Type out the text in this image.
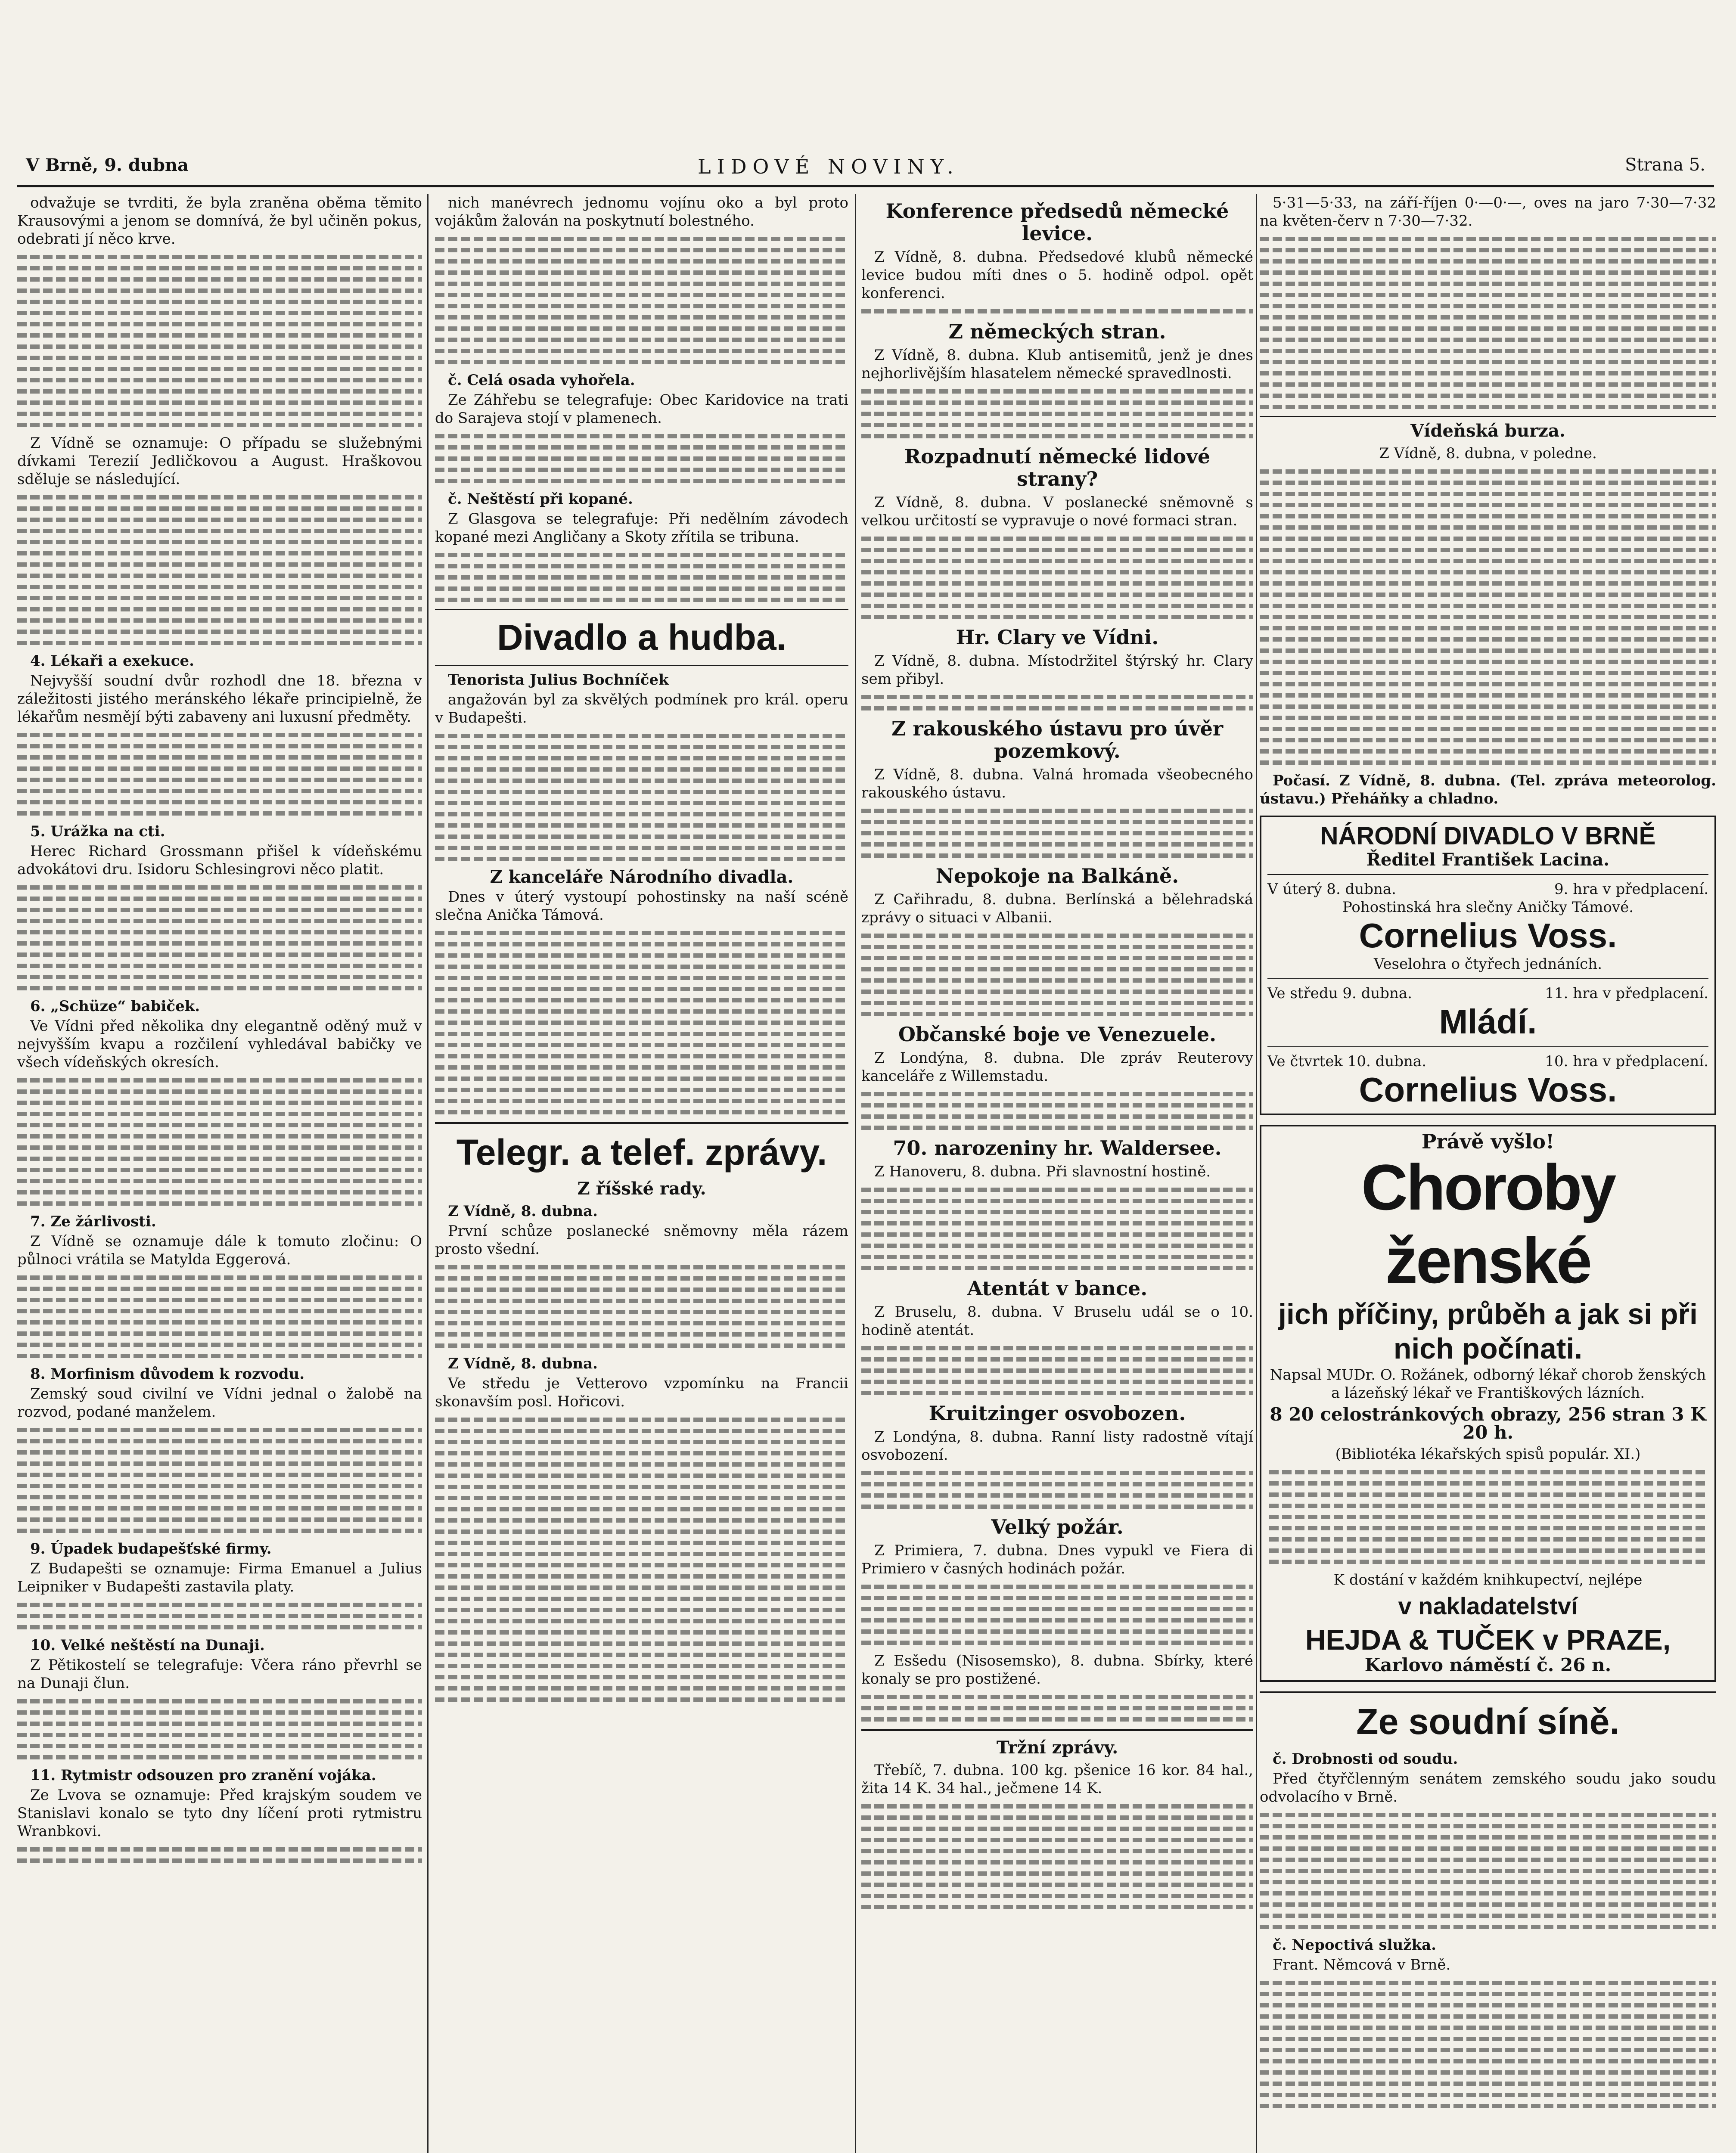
V Brně, 9. dubna	LIDOVÉ NOVINY.	Strana 5.

odvažuje se tvrditi, že byla zraněna oběma těmito Krausovými a jenom se domnívá, že byl učiněn pokus, odebrati jí něco krve.

Z Vídně se oznamuje: O případu se služebnými dívkami Terezií Jedličkovou a August. Hraškovou sděluje se následující.

4. Lékaři a exekuce.

Nejvyšší soudní dvůr rozhodl dne 18. března v záležitosti jistého meránského lékaře principielně, že lékařům nesmějí býti zabaveny ani luxusní předměty.

5. Urážka na cti.

Herec Richard Grossmann přišel k vídeňskému advokátovi dru. Isidoru Schlesingrovi něco platit.

6. „Schüze“ babiček.

Ve Vídni před několika dny elegantně oděný muž v nejvyšším kvapu a rozčilení vyhledával babičky ve všech vídeňských okresích.

7. Ze žárlivosti.

Z Vídně se oznamuje dále k tomuto zločinu: O půlnoci vrátila se Matylda Eggerová.

8. Morfinism důvodem k rozvodu.

Zemský soud civilní ve Vídni jednal o žalobě na rozvod, podané manželem.

9. Úpadek budapešťské firmy.

Z Budapešti se oznamuje: Firma Emanuel a Julius Leipniker v Budapešti zastavila platy.

10. Velké neštěstí na Dunaji.

Z Pětikostelí se telegrafuje: Včera ráno převrhl se na Dunaji člun.

11. Rytmistr odsouzen pro zranění vojáka.

Ze Lvova se oznamuje: Před krajským soudem ve Stanislavi konalo se tyto dny líčení proti rytmistru Wranbkovi.

nich manévrech jednomu vojínu oko a byl proto vojákům žalován na poskytnutí bolestného.

č. Celá osada vyhořela.

Ze Záhřebu se telegrafuje: Obec Karidovice na trati do Sarajeva stojí v plamenech.

č. Neštěstí při kopané.

Z Glasgova se telegrafuje: Při nedělním závodech kopané mezi Angličany a Skoty zřítila se tribuna.

Divadlo a hudba.

Tenoristа Julius Bochníček

angažován byl za skvělých podmínek pro král. operu v Budapešti.

Z kanceláře Národního divadla.

Dnes v úterý vystoupí pohostinsky na naší scéně slečna Anička Támová.

Telegr. a telef. zprávy.
Z říšské rady.

Z Vídně, 8. dubna.

První schůze poslanecké sněmovny měla rázem prosto všední.

Z Vídně, 8. dubna.

Ve středu je Vetterovo vzpomínku na Francii skonavším posl. Hořicovi.

Konference předsedů německé levice.

Z Vídně, 8. dubna. Předsedové klubů německé levice budou míti dnes o 5. hodině odpol. opět konferenci.

Z německých stran.

Z Vídně, 8. dubna. Klub antisemitů, jenž je dnes nejhorlivějším hlasatelem německé spravedlnosti.

Rozpadnutí německé lidové strany?

Z Vídně, 8. dubna. V poslanecké sněmovně s velkou určitostí se vypravuje o nové formaci stran.

Hr. Clary ve Vídni.

Z Vídně, 8. dubna. Místodržitel štýrský hr. Clary sem přibyl.

Z rakouského ústavu pro úvěr pozemkový.

Z Vídně, 8. dubna. Valná hromada všeobecného rakouského ústavu.

Nepokoje na Balkáně.

Z Cařihradu, 8. dubna. Berlínská a bělehradská zprávy o situaci v Albanii.

Občanské boje ve Venezuele.

Z Londýna, 8. dubna. Dle zpráv Reuterovy kanceláře z Willemstadu.

70. narozeniny hr. Waldersee.

Z Hanoveru, 8. dubna. Při slavnostní hostině.

Atentát v bance.

Z Bruselu, 8. dubna. V Bruselu udál se o 10. hodině atentát.

Kruitzinger osvobozen.

Z Londýna, 8. dubna. Ranní listy radostně vítají osvobození.

Velký požár.

Z Primiera, 7. dubna. Dnes vypukl ve Fiera di Primiero v časných hodinách požár.

Z Esšedu (Nisosemsko), 8. dubna. Sbírky, které konaly se pro postižené.

Tržní zprávy.

Třebíč, 7. dubna. 100 kg. pšenice 16 kor. 84 hal., žita 14 K. 34 hal., ječmene 14 K.

5·31—5·33, na září-říjen 0·—0·—, oves na jaro 7·30—7·32 na květen-červ n 7·30—7·32.

Vídeňská burza.
Z Vídně, 8. dubna, v poledne.

Počasí. Z Vídně, 8. dubna. (Tel. zpráva meteorolog. ústavu.) Přeháňky a chladno.

NÁRODNÍ DIVADLO V BRNĚ
Ředitel František Lacina.
V úterý 8. dubna.	9. hra v předplacení.
Pohostinská hra slečny Aničky Támové.
Cornelius Voss.
Veselohra o čtyřech jednáních.
Ve středu 9. dubna.	11. hra v předplacení.
Mládí.
Ve čtvrtek 10. dubna.	10. hra v předplacení.
Cornelius Voss.
Právě vyšlo!
Choroby ženské
jich příčiny, průběh a jak si při nich počínati.
Napsal MUDr. O. Rožánek, odborný lékař chorob ženských a lázeňský lékař ve Františkových lázních.
8 20 celostránkových obrazy, 256 stran 3 K 20 h.
(Bibliotéka lékařských spisů populár. XI.)
K dostání v každém knihkupectví, nejlépe
v nakladatelství
HEJDA & TUČEK v PRAZE,
Karlovo náměstí č. 26 n.
Ze soudní síně.

č. Drobnosti od soudu.

Před čtyřčlenným senátem zemského soudu jako soudu odvolacího v Brně.

č. Nepoctivá služka.

Frant. Němcová v Brně.
